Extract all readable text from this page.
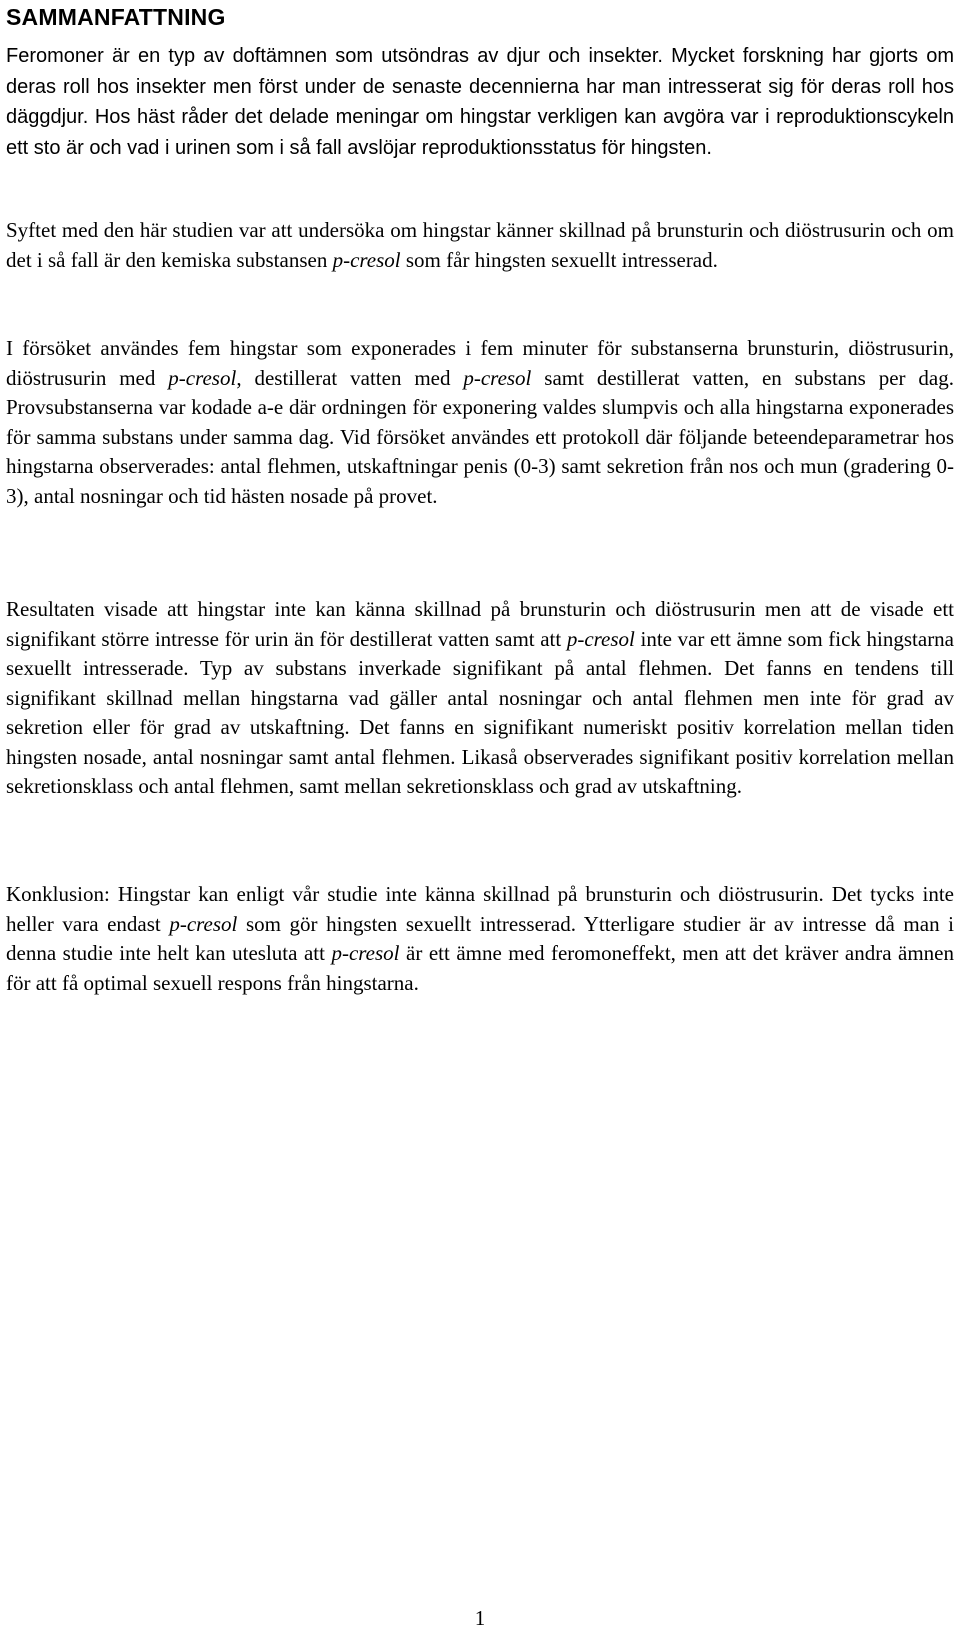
SAMMANFATTNING

Feromoner är en typ av doftämnen som utsöndras av djur och insekter. Mycket forskning har gjorts om deras roll hos insekter men först under de senaste decennierna har man intresserat sig för deras roll hos däggdjur. Hos häst råder det delade meningar om hingstar verkligen kan avgöra var i reproduktionscykeln ett sto är och vad i urinen som i så fall avslöjar reproduktionsstatus för hingsten.

Syftet med den här studien var att undersöka om hingstar känner skillnad på brunsturin och diöstrusurin och om det i så fall är den kemiska substansen p-cresol som får hingsten sexuellt intresserad.

I försöket användes fem hingstar som exponerades i fem minuter för substanserna brunsturin, diöstrusurin, diöstrusurin med p-cresol, destillerat vatten med p-cresol samt destillerat vatten, en substans per dag. Provsubstanserna var kodade a-e där ordningen för exponering valdes slumpvis och alla hingstarna exponerades för samma substans under samma dag. Vid försöket användes ett protokoll där följande beteendeparametrar hos hingstarna observerades: antal flehmen, utskaftningar penis (0-3) samt sekretion från nos och mun (gradering 0-3), antal nosningar och tid hästen nosade på provet.

Resultaten visade att hingstar inte kan känna skillnad på brunsturin och diöstrusurin men att de visade ett signifikant större intresse för urin än för destillerat vatten samt att p-cresol inte var ett ämne som fick hingstarna sexuellt intresserade. Typ av substans inverkade signifikant på antal flehmen. Det fanns en tendens till signifikant skillnad mellan hingstarna vad gäller antal nosningar och antal flehmen men inte för grad av sekretion eller för grad av utskaftning. Det fanns en signifikant numeriskt positiv korrelation mellan tiden hingsten nosade, antal nosningar samt antal flehmen. Likaså observerades signifikant positiv korrelation mellan sekretionsklass och antal flehmen, samt mellan sekretionsklass och grad av utskaftning.

Konklusion: Hingstar kan enligt vår studie inte känna skillnad på brunsturin och diöstrusurin. Det tycks inte heller vara endast p-cresol som gör hingsten sexuellt intresserad. Ytterligare studier är av intresse då man i denna studie inte helt kan utesluta att p-cresol är ett ämne med feromoneffekt, men att det kräver andra ämnen för att få optimal sexuell respons från hingstarna.

1
